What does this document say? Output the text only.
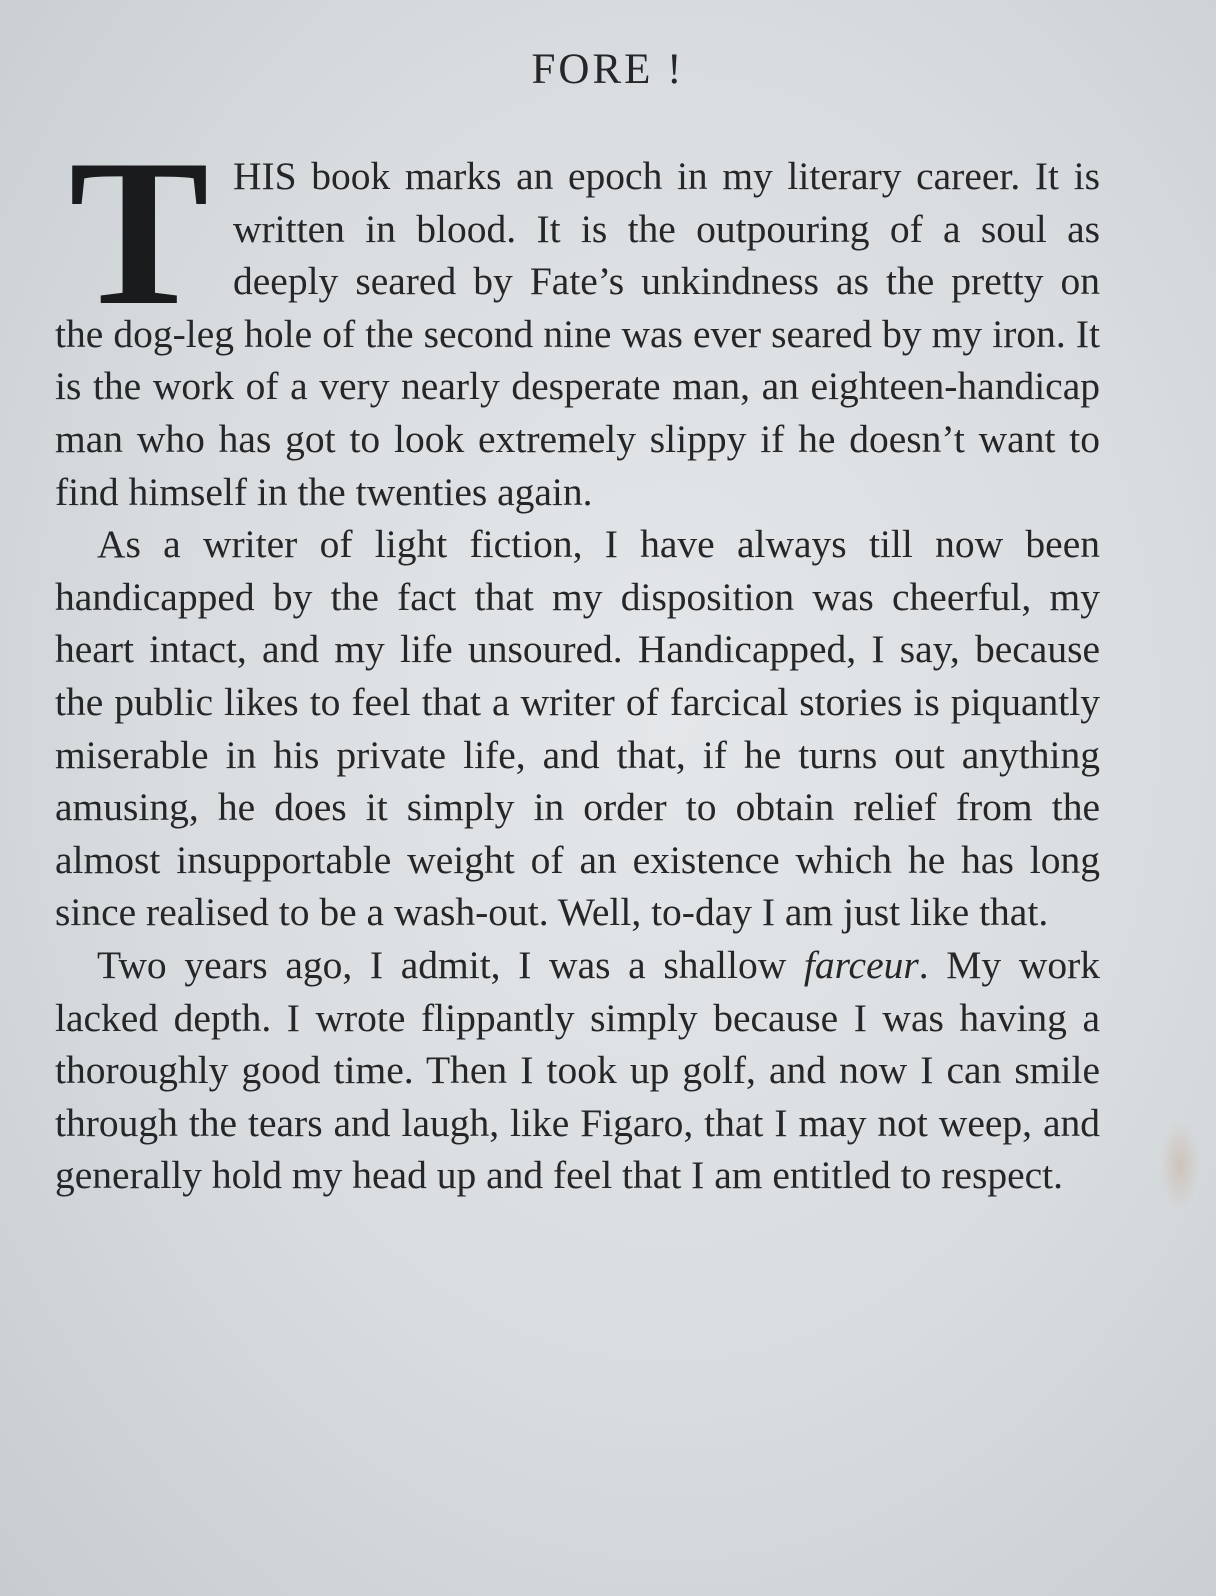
FORE !

THIS book marks an epoch in my literary career. It is written in blood. It is the outpouring of a soul as deeply seared by Fate’s unkindness as the pretty on the dog-leg hole of the second nine was ever seared by my iron. It is the work of a very nearly desperate man, an eighteen-handicap man who has got to look extremely slippy if he doesn’t want to find himself in the twenties again.

As a writer of light fiction, I have always till now been handicapped by the fact that my disposition was cheerful, my heart intact, and my life unsoured. Handicapped, I say, because the public likes to feel that a writer of farcical stories is piquantly miserable in his private life, and that, if he turns out anything amusing, he does it simply in order to obtain relief from the almost insupportable weight of an existence which he has long since realised to be a wash-out. Well, to-day I am just like that.

Two years ago, I admit, I was a shallow farceur. My work lacked depth. I wrote flippantly simply because I was having a thoroughly good time. Then I took up golf, and now I can smile through the tears and laugh, like Figaro, that I may not weep, and generally hold my head up and feel that I am entitled to respect.
